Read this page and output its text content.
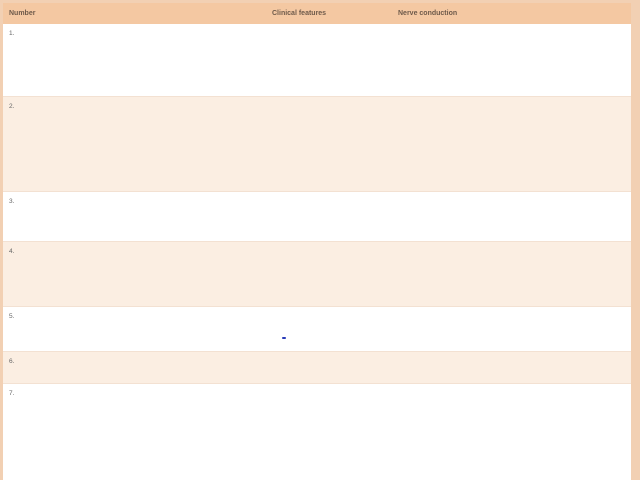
Number			Clinical features	Nerve conduction
1.				
2.				
3.				
4.				
5.				
6.				
7.				
